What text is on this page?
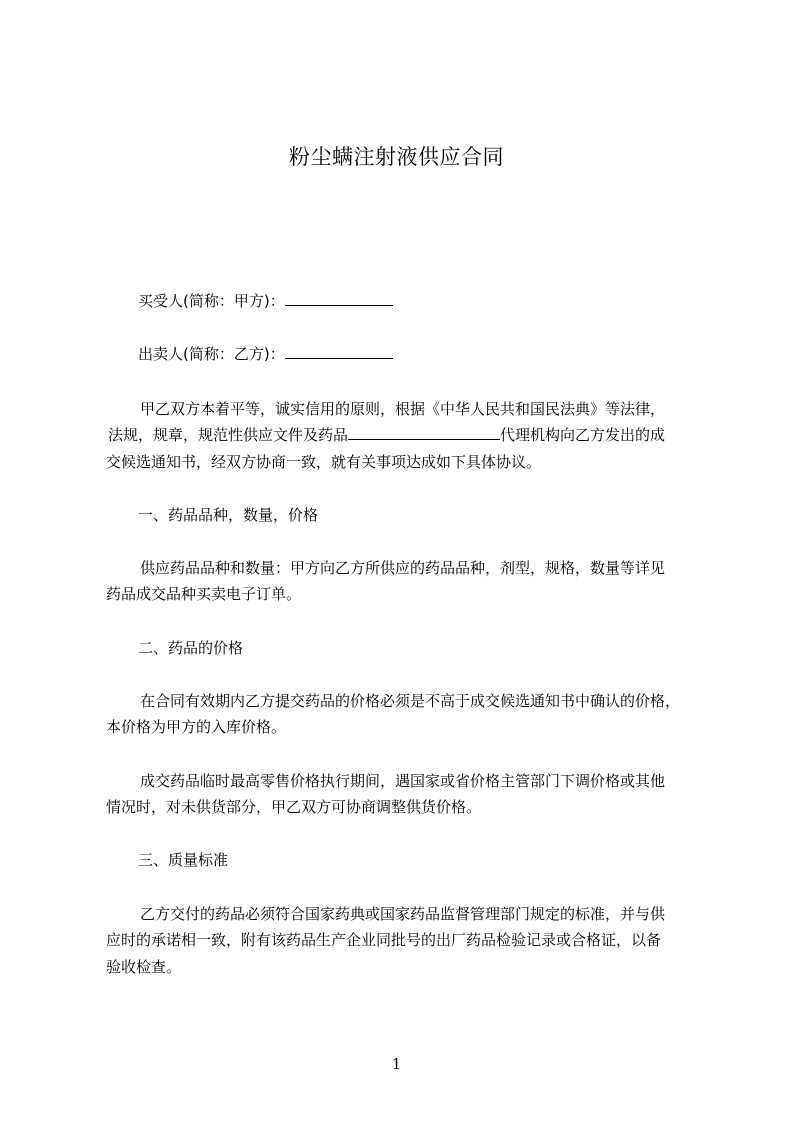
粉尘螨注射液供应合同
买受人(简称：甲方)：
出卖人(简称：乙方)：
甲乙双方本着平等，诚实信用的原则，根据《中华人民共和国民法典》等法律，
法规，规章，规范性供应文件及药品	代理机构向乙方发出的成
交候选通知书，经双方协商一致，就有关事项达成如下具体协议。
一、药品品种，数量，价格
供应药品品种和数量：甲方向乙方所供应的药品品种，剂型，规格，数量等详见
药品成交品种买卖电子订单。
二、药品的价格
在合同有效期内乙方提交药品的价格必须是不高于成交候选通知书中确认的价格，
本价格为甲方的入库价格。
成交药品临时最高零售价格执行期间，遇国家或省价格主管部门下调价格或其他
情况时，对未供货部分，甲乙双方可协商调整供货价格。
三、质量标准
乙方交付的药品必须符合国家药典或国家药品监督管理部门规定的标准，并与供
应时的承诺相一致，附有该药品生产企业同批号的出厂药品检验记录或合格证，以备
验收检查。
1
